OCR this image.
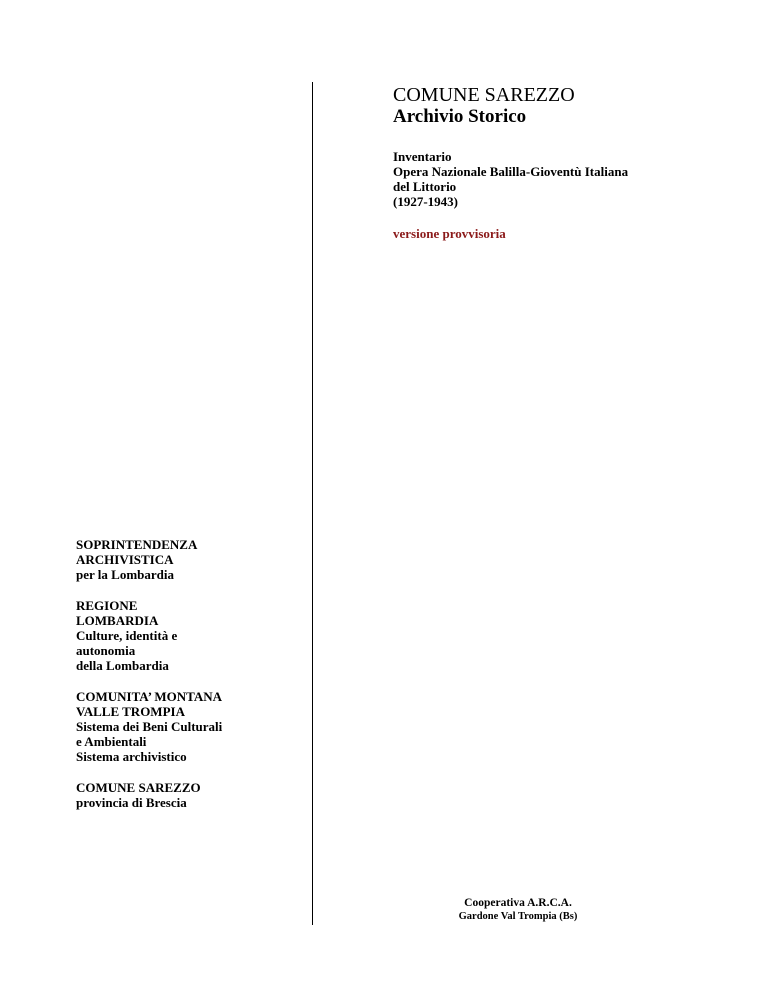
COMUNE SAREZZO
Archivio Storico
Inventario
Opera Nazionale Balilla-Gioventù Italiana
del Littorio
(1927-1943)
versione provvisoria
SOPRINTENDENZA
ARCHIVISTICA
per la Lombardia
REGIONE
LOMBARDIA
Culture, identità e
autonomia
della Lombardia
COMUNITA’ MONTANA
VALLE TROMPIA
Sistema dei Beni Culturali
e Ambientali
Sistema archivistico
COMUNE SAREZZO
provincia di Brescia
Cooperativa A.R.C.A.
Gardone Val Trompia (Bs)
